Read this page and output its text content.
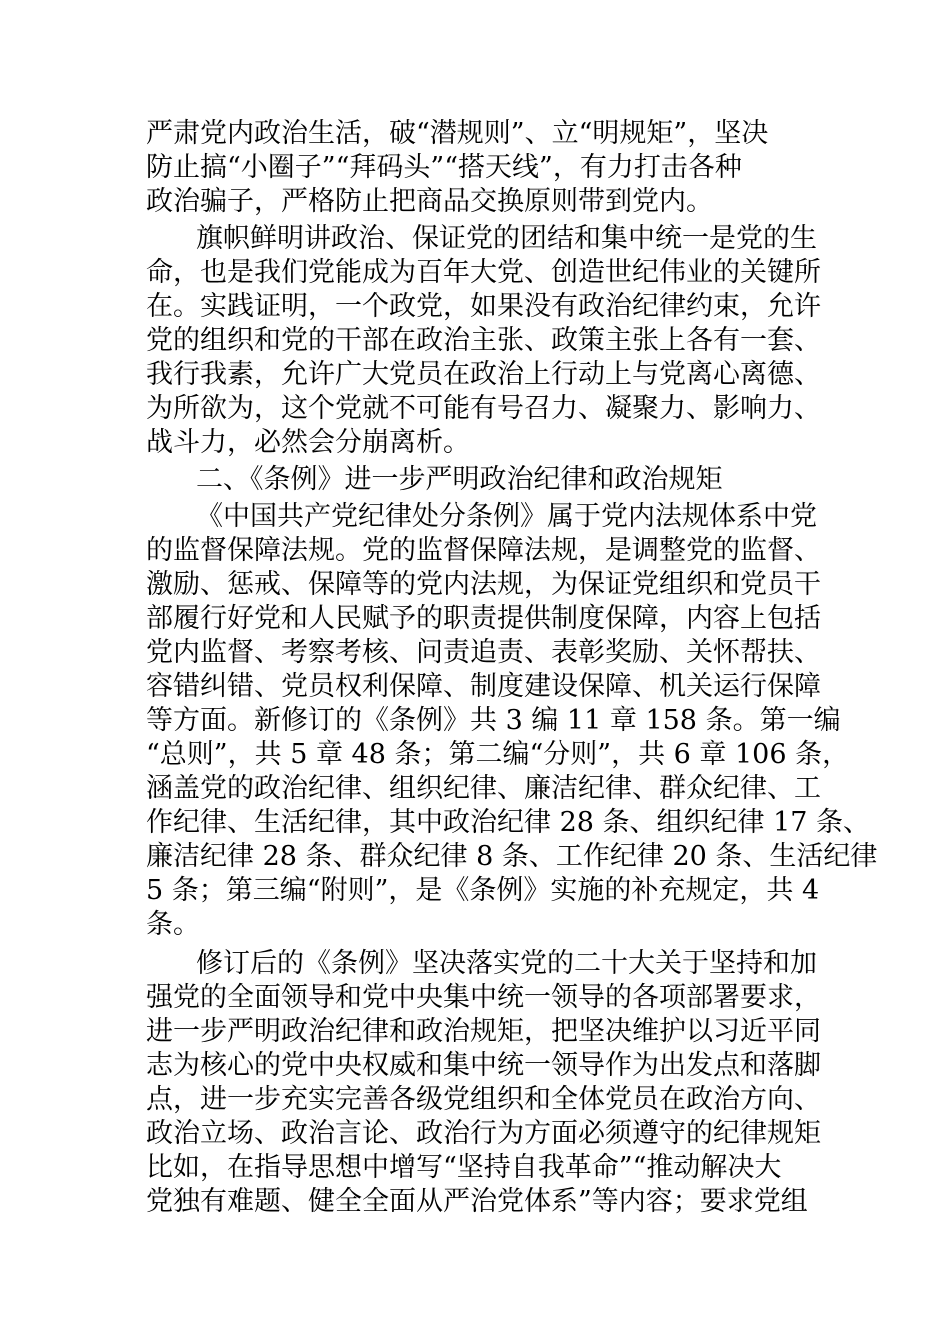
严肃党内政治生活，破“潜规则”、立“明规矩”，坚决

防止搞“小圈子”“拜码头”“搭天线”，有力打击各种

政治骗子，严格防止把商品交换原则带到党内。

旗帜鲜明讲政治、保证党的团结和集中统一是党的生

命，也是我们党能成为百年大党、创造世纪伟业的关键所

在。实践证明，一个政党，如果没有政治纪律约束，允许

党的组织和党的干部在政治主张、政策主张上各有一套、

我行我素，允许广大党员在政治上行动上与党离心离德、

为所欲为，这个党就不可能有号召力、凝聚力、影响力、

战斗力，必然会分崩离析。

二、《条例》进一步严明政治纪律和政治规矩

《中国共产党纪律处分条例》属于党内法规体系中党

的监督保障法规。党的监督保障法规，是调整党的监督、

激励、惩戒、保障等的党内法规，为保证党组织和党员干

部履行好党和人民赋予的职责提供制度保障，内容上包括

党内监督、考察考核、问责追责、表彰奖励、关怀帮扶、

容错纠错、党员权利保障、制度建设保障、机关运行保障

等方面。新修订的《条例》共 3 编 11 章 158 条。第一编

“总则”，共 5 章 48 条；第二编“分则”，共 6 章 106 条，

涵盖党的政治纪律、组织纪律、廉洁纪律、群众纪律、工

作纪律、生活纪律，其中政治纪律 28 条、组织纪律 17 条、

廉洁纪律 28 条、群众纪律 8 条、工作纪律 20 条、生活纪律

5 条；第三编“附则”，是《条例》实施的补充规定，共 4

条。

修订后的《条例》坚决落实党的二十大关于坚持和加

强党的全面领导和党中央集中统一领导的各项部署要求，

进一步严明政治纪律和政治规矩，把坚决维护以习近平同

志为核心的党中央权威和集中统一领导作为出发点和落脚

点，进一步充实完善各级党组织和全体党员在政治方向、

政治立场、政治言论、政治行为方面必须遵守的纪律规矩

比如，在指导思想中增写“坚持自我革命”“推动解决大

党独有难题、健全全面从严治党体系”等内容；要求党组
